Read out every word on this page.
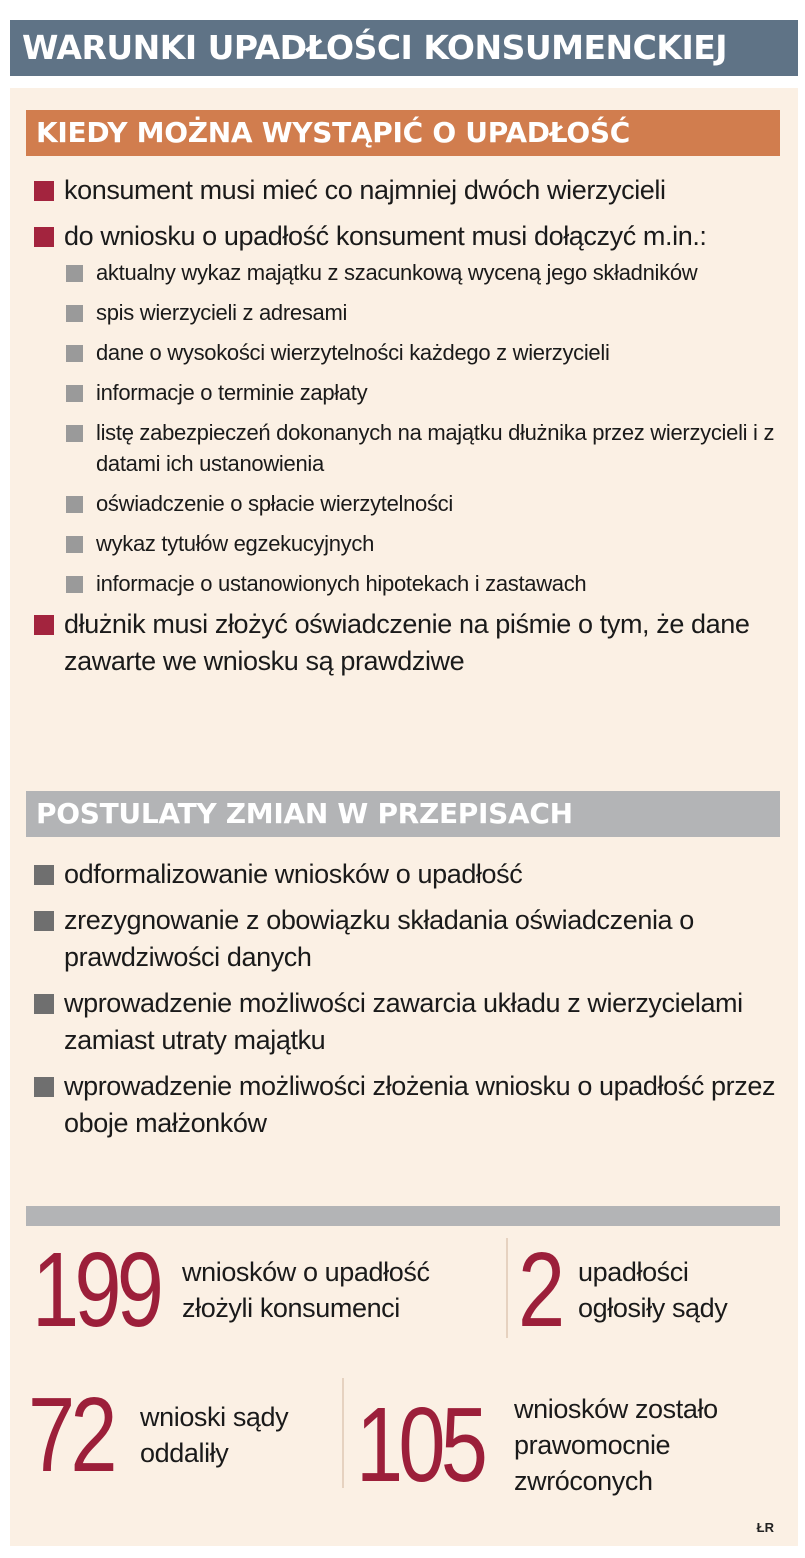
WARUNKI UPADŁOŚCI KONSUMENCKIEJ
KIEDY MOŻNA WYSTĄPIĆ O UPADŁOŚĆ
konsument musi mieć co najmniej dwóch wierzycieli
do wniosku o upadłość konsument musi dołączyć m.in.:
aktualny wykaz majątku z szacunkową wyceną jego składników
spis wierzycieli z adresami
dane o wysokości wierzytelności każdego z wierzycieli
informacje o terminie zapłaty
listę zabezpieczeń dokonanych na majątku dłużnika przez wierzycieli i z datami ich ustanowienia
oświadczenie o spłacie wierzytelności
wykaz tytułów egzekucyjnych
informacje o ustanowionych hipotekach i zastawach
dłużnik musi złożyć oświadczenie na piśmie o tym, że dane zawarte we wniosku są prawdziwe
POSTULATY ZMIAN W PRZEPISACH
odformalizowanie wniosków o upadłość
zrezygnowanie z obowiązku składania oświadczenia o prawdziwości danych
wprowadzenie możliwości zawarcia układu z wierzycielami zamiast utraty majątku
wprowadzenie możliwości złożenia wniosku o upadłość przez oboje małżonków
199 wniosków o upadłość złożyli konsumenci	2 upadłości ogłosiły sądy
72 wnioski sądy oddaliły	105 wniosków zostało prawomocnie zwróconych
ŁR
